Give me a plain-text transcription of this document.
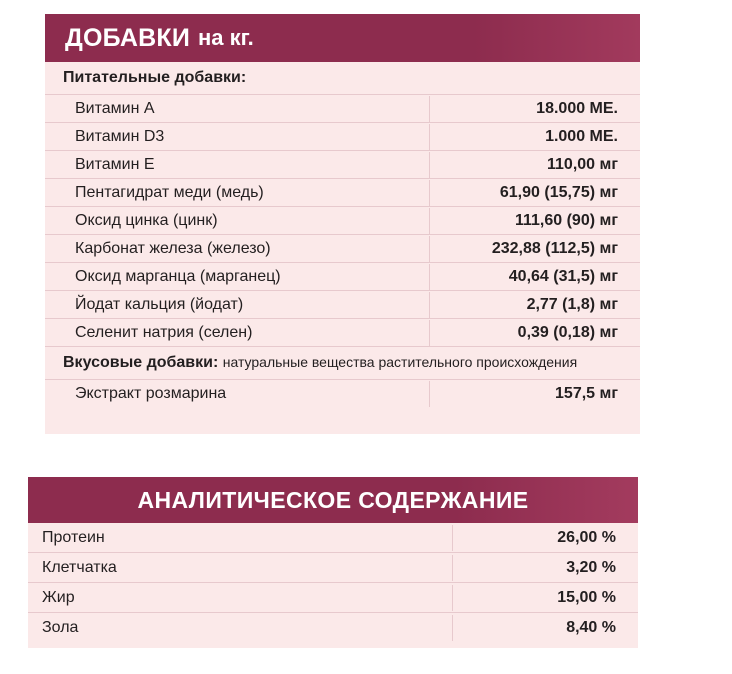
ДОБАВКИ на кг.
Питательные добавки:
Витамин A	18.000 МЕ.
Витамин D3	1.000 МЕ.
Витамин E	110,00 мг
Пентагидрат меди (медь)	61,90 (15,75) мг
Оксид цинка (цинк)	111,60 (90) мг
Карбонат железа (железо)	232,88 (112,5) мг
Оксид марганца (марганец)	40,64 (31,5) мг
Йодат кальция (йодат)	2,77 (1,8) мг
Селенит натрия (селен)	0,39 (0,18) мг
Вкусовые добавки: натуральные вещества растительного происхождения
Экстракт розмарина	157,5 мг
АНАЛИТИЧЕСКОЕ СОДЕРЖАНИЕ
Протеин	26,00 %
Клетчатка	3,20 %
Жир	15,00 %
Зола	8,40 %
